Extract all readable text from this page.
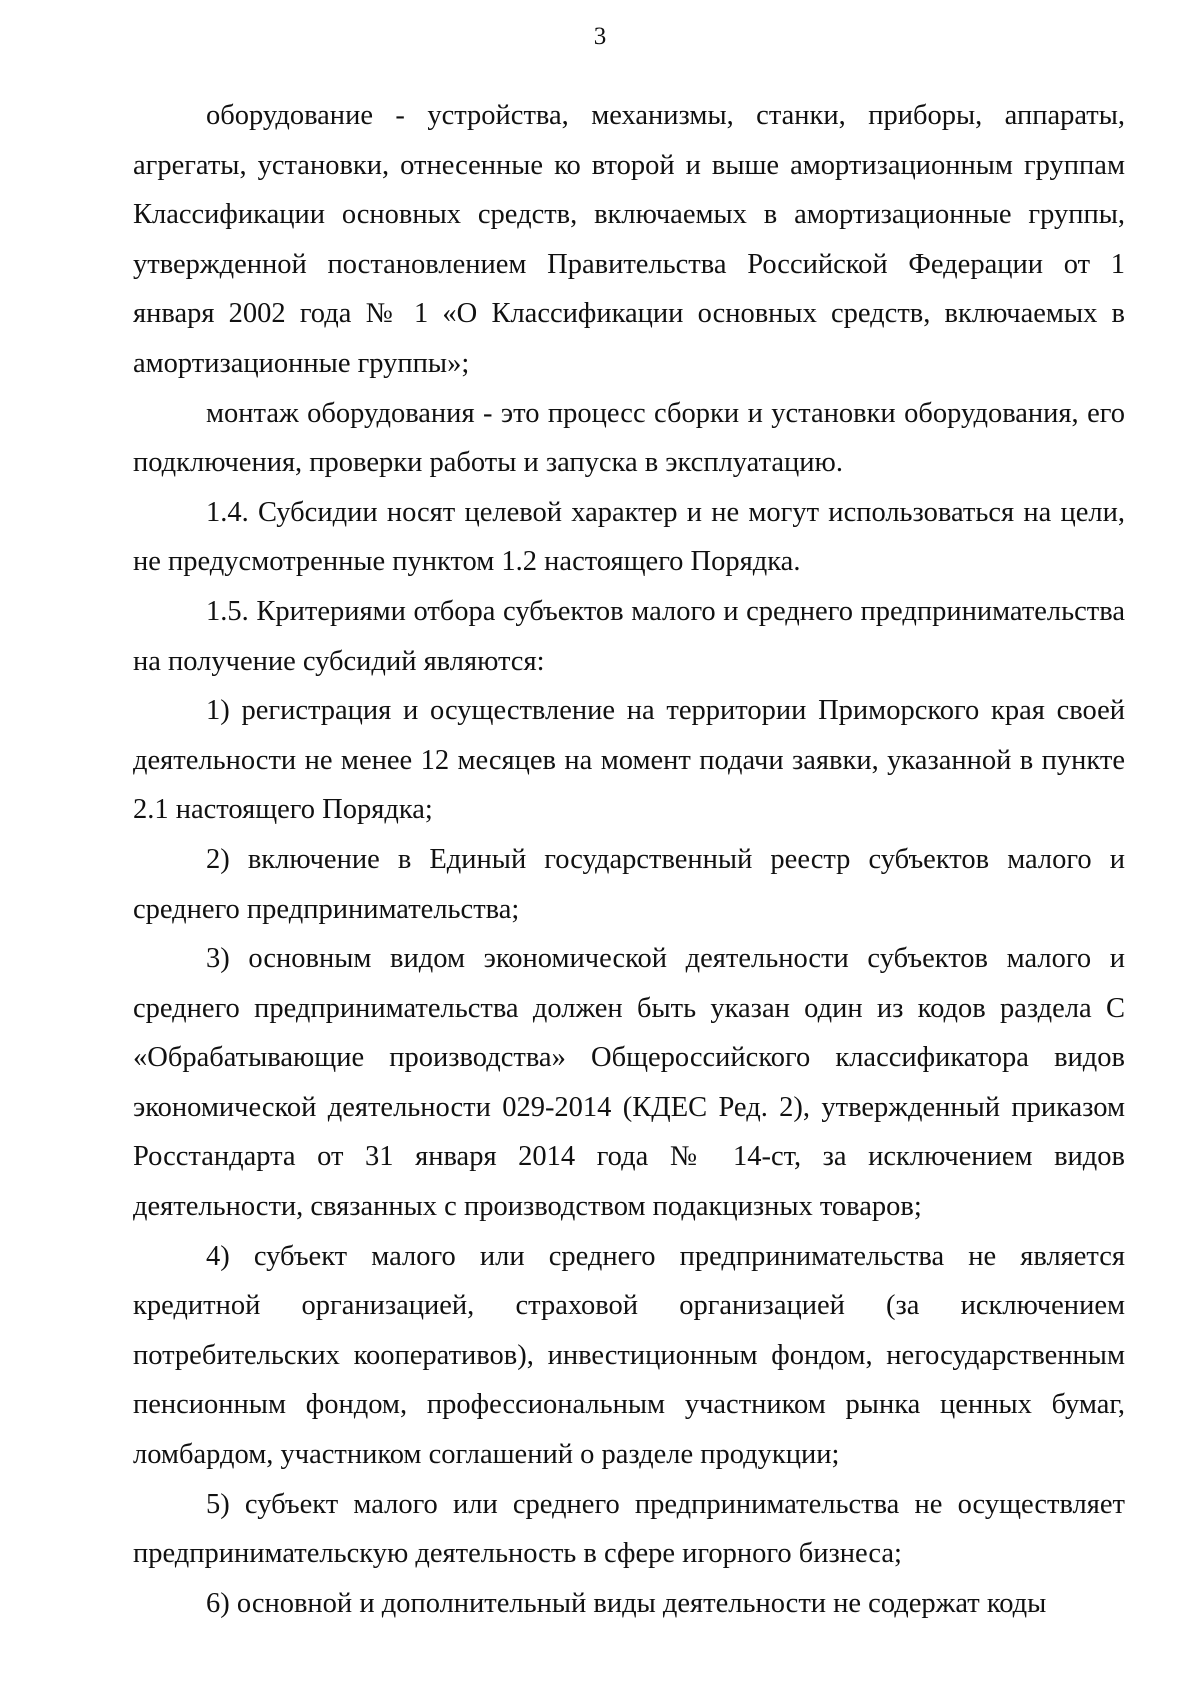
3

оборудование - устройства, механизмы, станки, приборы, аппараты, агрегаты, установки, отнесенные ко второй и выше амортизационным группам Классификации основных средств, включаемых в амортизационные группы, утвержденной постановлением Правительства Российской Федерации от 1 января 2002 года № 1 «О Классификации основных средств, включаемых в амортизационные группы»;

монтаж оборудования - это процесс сборки и установки оборудования, его подключения, проверки работы и запуска в эксплуатацию.

1.4. Субсидии носят целевой характер и не могут использоваться на цели, не предусмотренные пунктом 1.2 настоящего Порядка.

1.5. Критериями отбора субъектов малого и среднего предпринимательства на получение субсидий являются:

1) регистрация и осуществление на территории Приморского края своей деятельности не менее 12 месяцев на момент подачи заявки, указанной в пункте 2.1 настоящего Порядка;

2) включение в Единый государственный реестр субъектов малого и среднего предпринимательства;

3) основным видом экономической деятельности субъектов малого и среднего предпринимательства должен быть указан один из кодов раздела С «Обрабатывающие производства» Общероссийского классификатора видов экономической деятельности 029-2014 (КДЕС Ред. 2), утвержденный приказом Росстандарта от 31 января 2014 года № 14-ст, за исключением видов деятельности, связанных с производством подакцизных товаров;

4) субъект малого или среднего предпринимательства не является кредитной организацией, страховой организацией (за исключением потребительских кооперативов), инвестиционным фондом, негосударственным пенсионным фондом, профессиональным участником рынка ценных бумаг, ломбардом, участником соглашений о разделе продукции;

5) субъект малого или среднего предпринимательства не осуществляет предпринимательскую деятельность в сфере игорного бизнеса;

6) основной и дополнительный виды деятельности не содержат коды
